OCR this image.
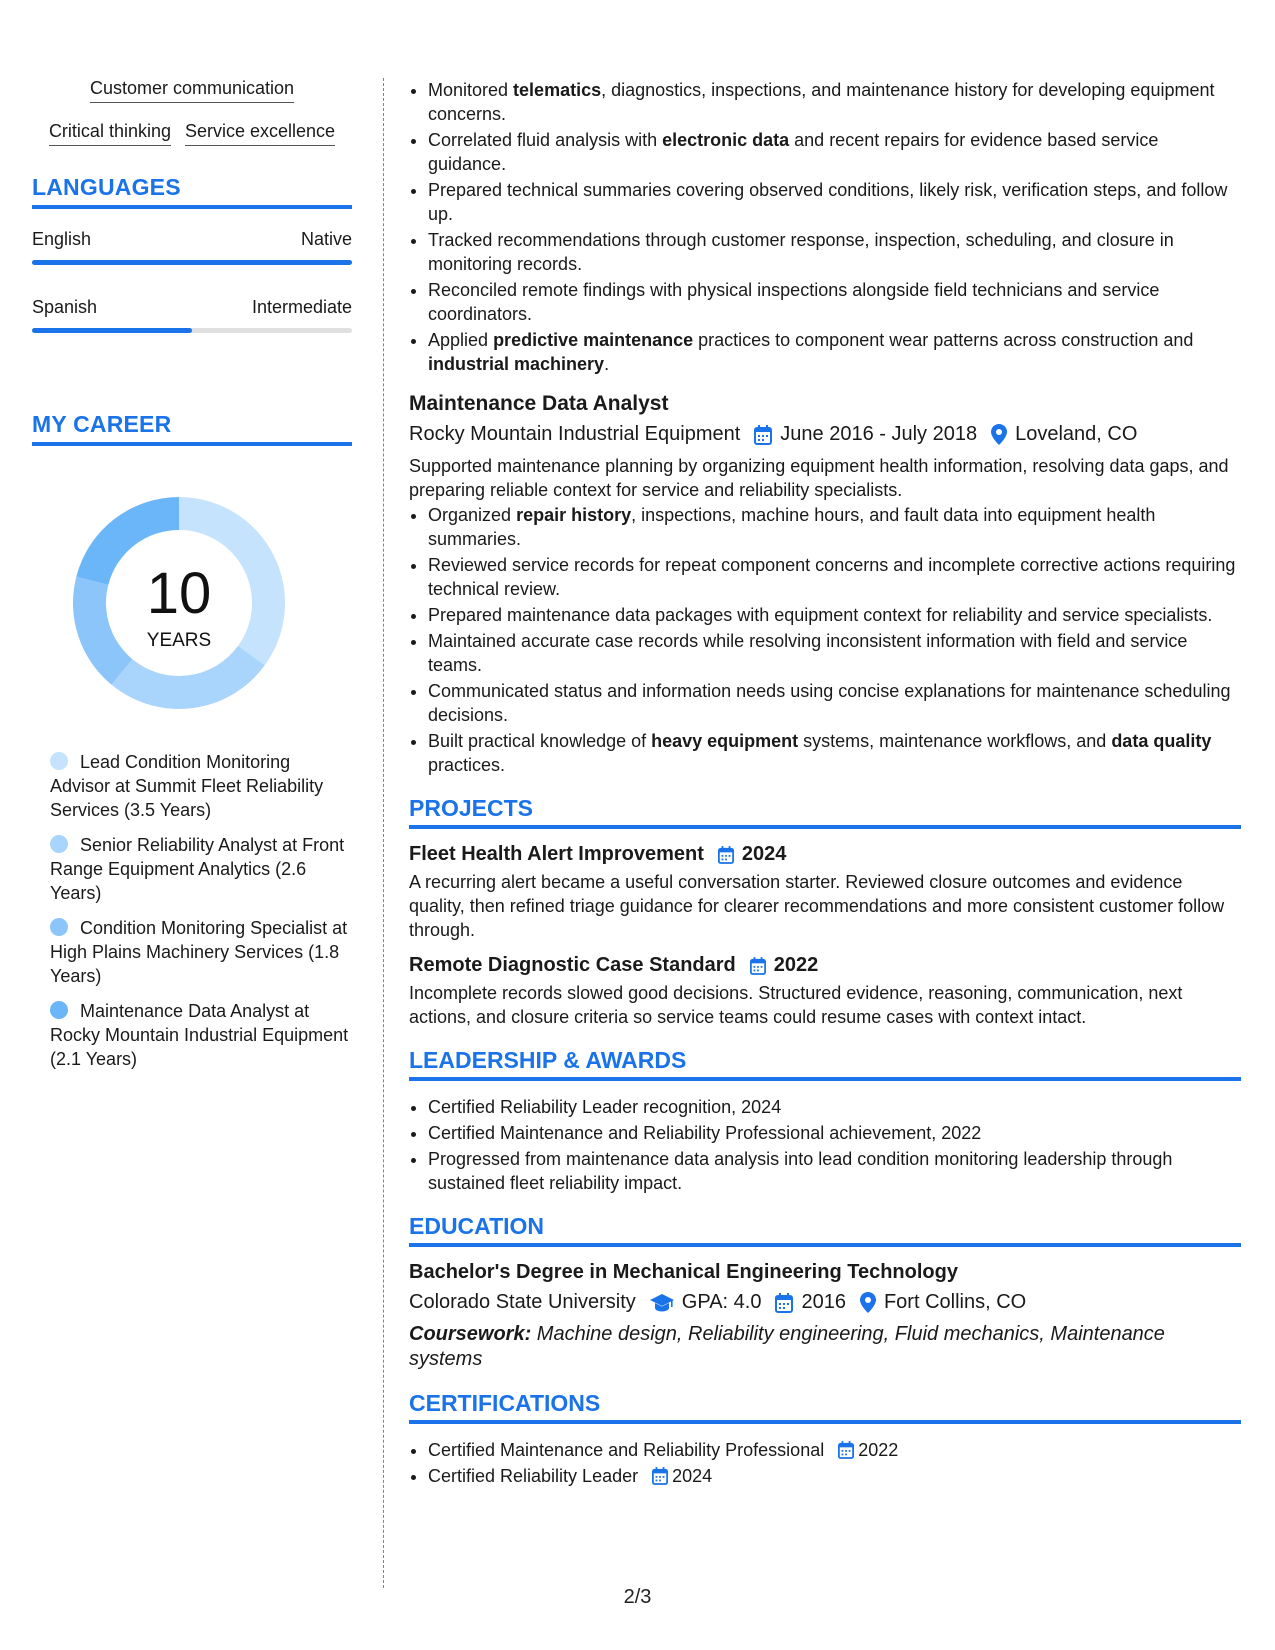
Customer communication
Critical thinking Service excellence
LANGUAGES
English	Native
Spanish	Intermediate
MY CAREER
10
YEARS
Lead Condition Monitoring Advisor at Summit Fleet Reliability Services (3.5 Years)
Senior Reliability Analyst at Front Range Equipment Analytics (2.6 Years)
Condition Monitoring Specialist at High Plains Machinery Services (1.8 Years)
Maintenance Data Analyst at Rocky Mountain Industrial Equipment (2.1 Years)
• Monitored telematics, diagnostics, inspections, and maintenance history for developing equipment concerns.
• Correlated fluid analysis with electronic data and recent repairs for evidence based service guidance.
• Prepared technical summaries covering observed conditions, likely risk, verification steps, and follow up.
• Tracked recommendations through customer response, inspection, scheduling, and closure in monitoring records.
• Reconciled remote findings with physical inspections alongside field technicians and service coordinators.
• Applied predictive maintenance practices to component wear patterns across construction and industrial machinery.
Maintenance Data Analyst
Rocky Mountain Industrial Equipment June 2016 - July 2018 Loveland, CO
Supported maintenance planning by organizing equipment health information, resolving data gaps, and preparing reliable context for service and reliability specialists.
• Organized repair history, inspections, machine hours, and fault data into equipment health summaries.
• Reviewed service records for repeat component concerns and incomplete corrective actions requiring technical review.
• Prepared maintenance data packages with equipment context for reliability and service specialists.
• Maintained accurate case records while resolving inconsistent information with field and service teams.
• Communicated status and information needs using concise explanations for maintenance scheduling decisions.
• Built practical knowledge of heavy equipment systems, maintenance workflows, and data quality practices.
PROJECTS
Fleet Health Alert Improvement 2024
A recurring alert became a useful conversation starter. Reviewed closure outcomes and evidence quality, then refined triage guidance for clearer recommendations and more consistent customer follow through.
Remote Diagnostic Case Standard 2022
Incomplete records slowed good decisions. Structured evidence, reasoning, communication, next actions, and closure criteria so service teams could resume cases with context intact.
LEADERSHIP & AWARDS
• Certified Reliability Leader recognition, 2024
• Certified Maintenance and Reliability Professional achievement, 2022
• Progressed from maintenance data analysis into lead condition monitoring leadership through sustained fleet reliability impact.
EDUCATION
Bachelor's Degree in Mechanical Engineering Technology
Colorado State University GPA: 4.0 2016 Fort Collins, CO
Coursework: Machine design, Reliability engineering, Fluid mechanics, Maintenance systems
CERTIFICATIONS
• Certified Maintenance and Reliability Professional 2022
• Certified Reliability Leader 2024
2/3
